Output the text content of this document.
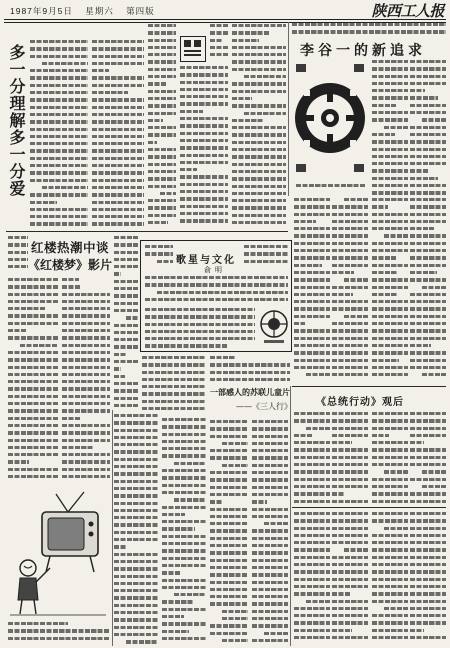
1987年9月5日 星期六 第四版	陕西工人报
多一分理解多一分爱	李谷一的新追求
红楼热潮中谈
《红楼梦》影片	歌星与文化
俞明
一部感人的苏联儿童片
——《三人行》 《总统行动》观后
